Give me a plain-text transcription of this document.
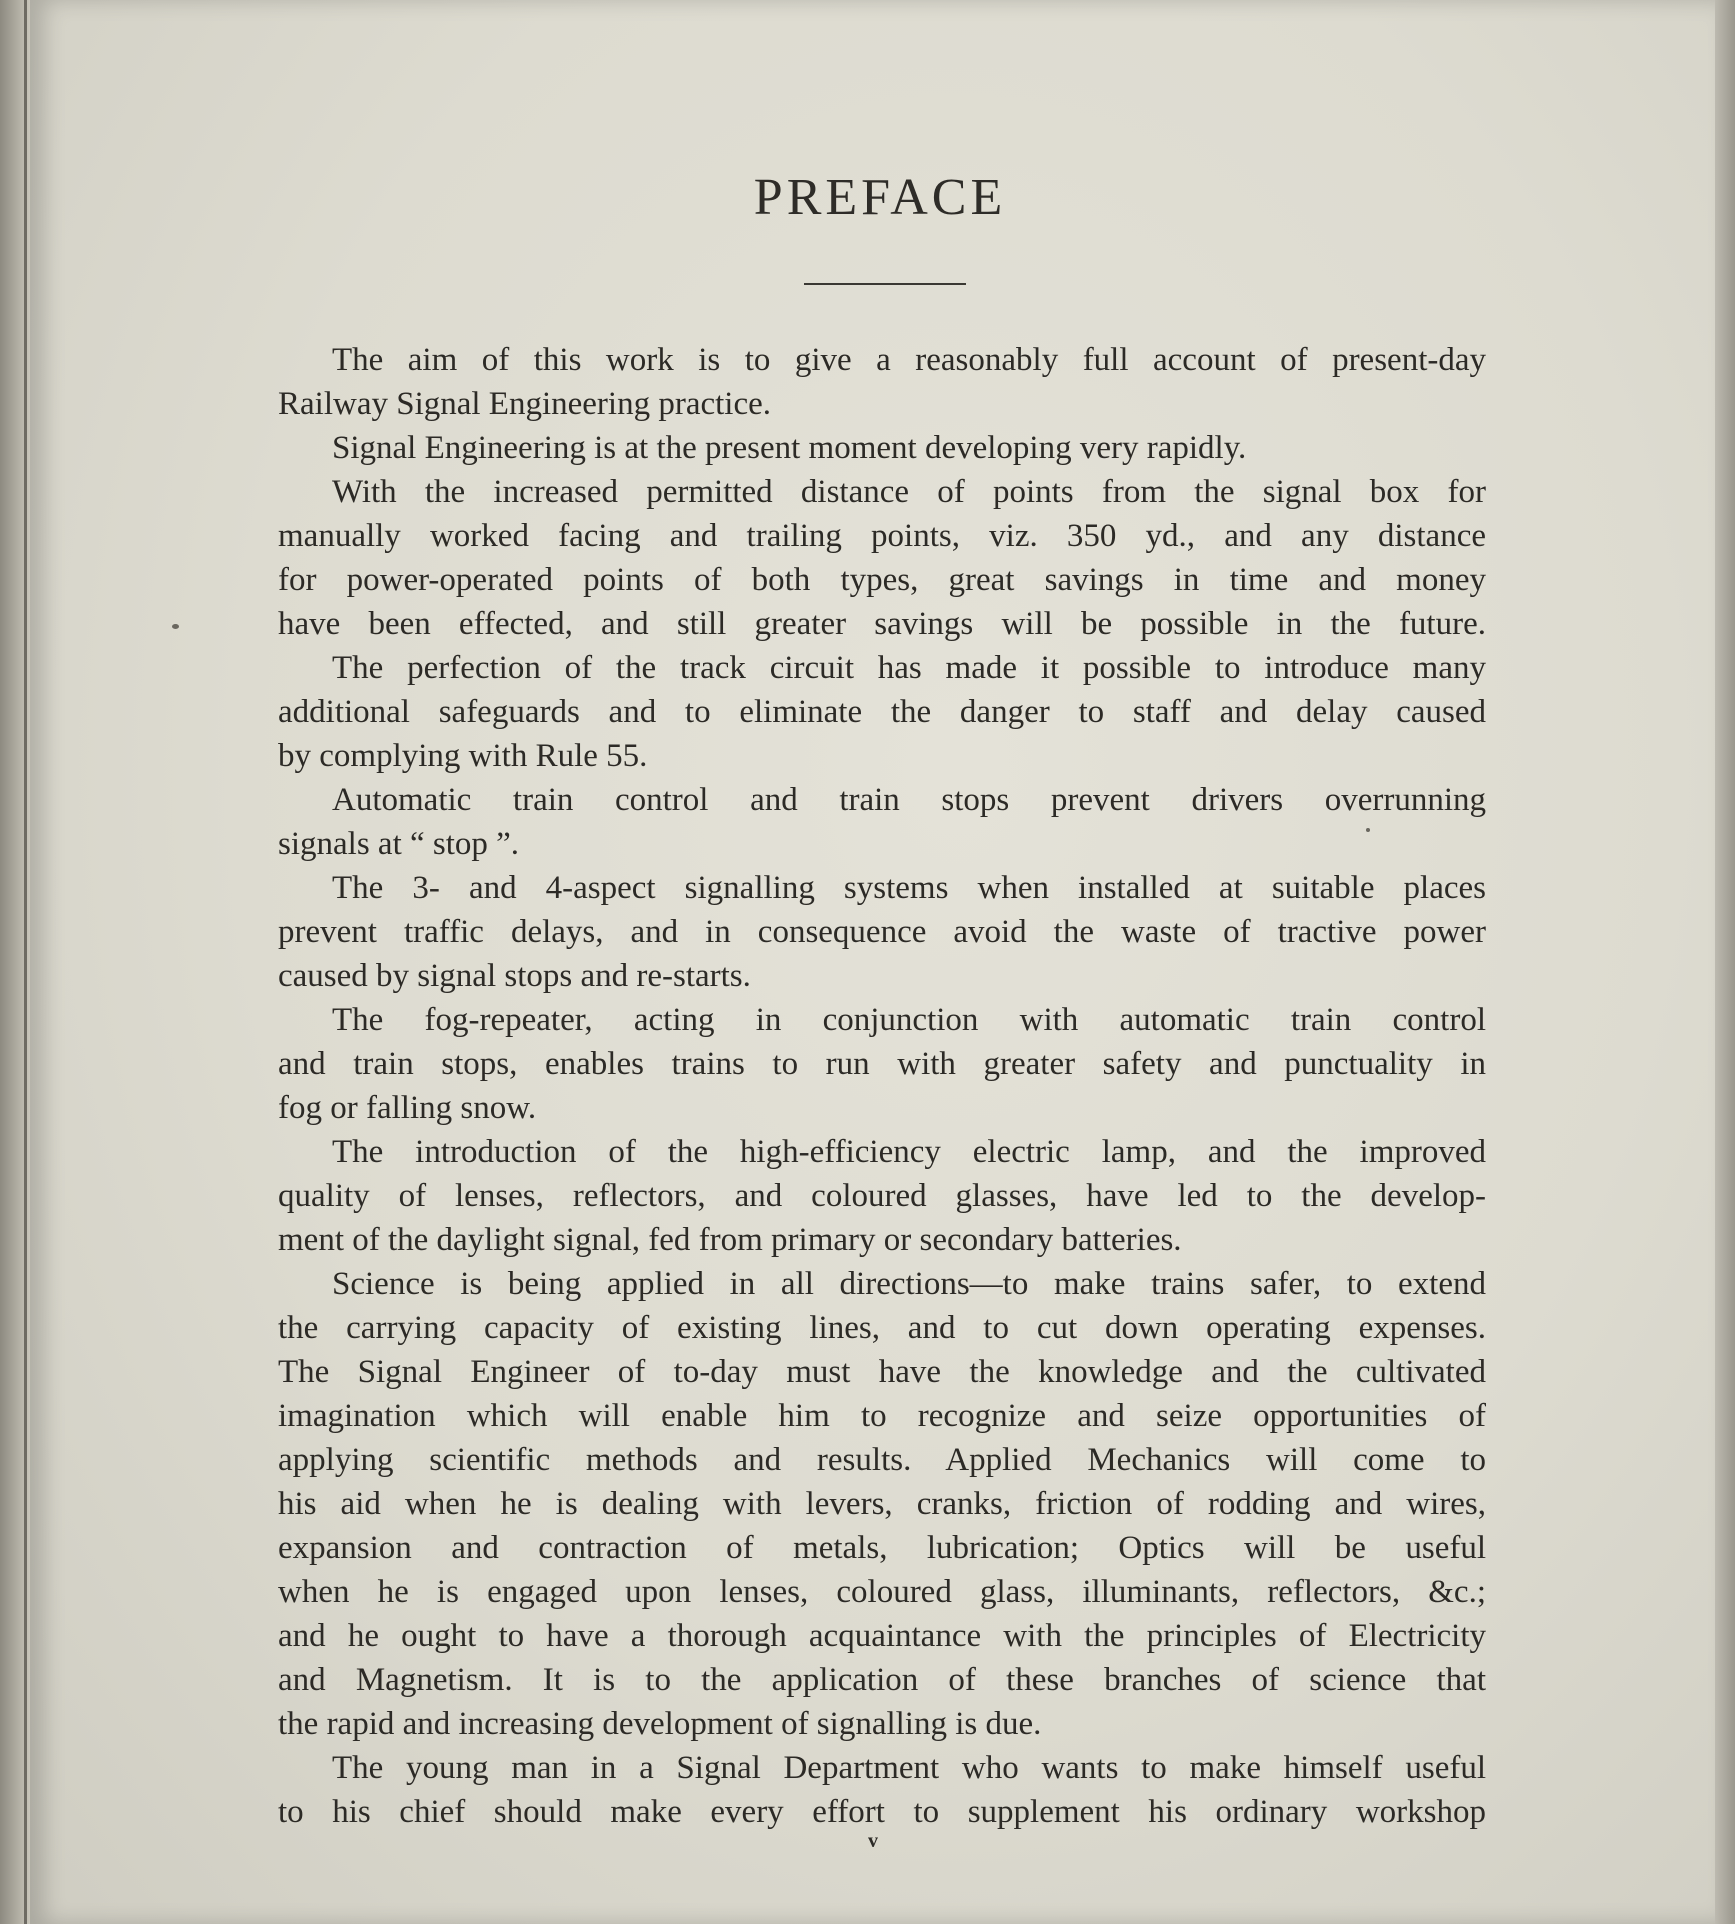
PREFACE
The aim of this work is to give a reasonably full account of present-day
Railway Signal Engineering practice.
Signal Engineering is at the present moment developing very rapidly.
With the increased permitted distance of points from the signal box for
manually worked facing and trailing points, viz. 350 yd., and any distance
for power-operated points of both types, great savings in time and money
have been effected, and still greater savings will be possible in the future.
The perfection of the track circuit has made it possible to introduce many
additional safeguards and to eliminate the danger to staff and delay caused
by complying with Rule 55.
Automatic train control and train stops prevent drivers overrunning
signals at “ stop ”.
The 3- and 4-aspect signalling systems when installed at suitable places
prevent traffic delays, and in consequence avoid the waste of tractive power
caused by signal stops and re-starts.
The fog-repeater, acting in conjunction with automatic train control
and train stops, enables trains to run with greater safety and punctuality in
fog or falling snow.
The introduction of the high-efficiency electric lamp, and the improved
quality of lenses, reflectors, and coloured glasses, have led to the develop-
ment of the daylight signal, fed from primary or secondary batteries.
Science is being applied in all directions—to make trains safer, to extend
the carrying capacity of existing lines, and to cut down operating expenses.
The Signal Engineer of to-day must have the knowledge and the cultivated
imagination which will enable him to recognize and seize opportunities of
applying scientific methods and results. Applied Mechanics will come to
his aid when he is dealing with levers, cranks, friction of rodding and wires,
expansion and contraction of metals, lubrication; Optics will be useful
when he is engaged upon lenses, coloured glass, illuminants, reflectors, &c.;
and he ought to have a thorough acquaintance with the principles of Electricity
and Magnetism. It is to the application of these branches of science that
the rapid and increasing development of signalling is due.
The young man in a Signal Department who wants to make himself useful
to his chief should make every effort to supplement his ordinary workshop
v
